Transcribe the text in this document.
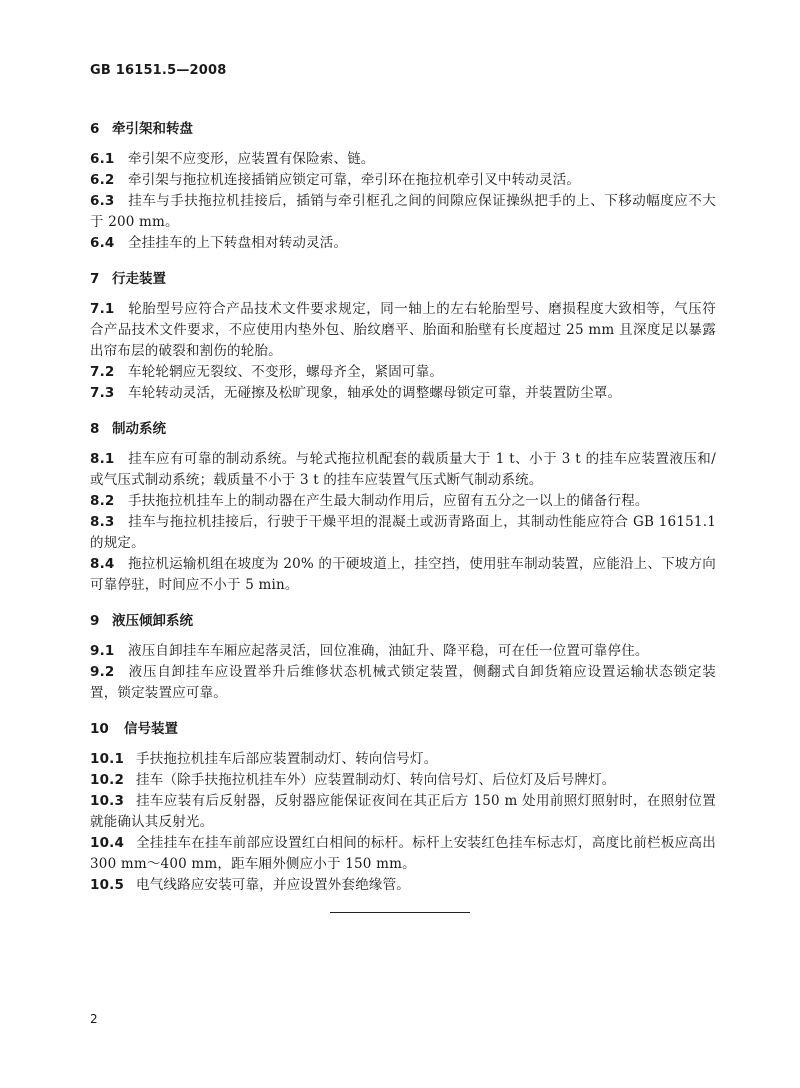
GB 16151.5—2008
6 牵引架和转盘

6.1 牵引架不应变形，应装置有保险索、链。

6.2 牵引架与拖拉机连接插销应锁定可靠，牵引环在拖拉机牵引叉中转动灵活。

6.3 挂车与手扶拖拉机挂接后，插销与牵引框孔之间的间隙应保证操纵把手的上、下移动幅度应不大于 200 mm。

6.4 全挂挂车的上下转盘相对转动灵活。

7 行走装置

7.1 轮胎型号应符合产品技术文件要求规定，同一轴上的左右轮胎型号、磨损程度大致相等，气压符合产品技术文件要求，不应使用内垫外包、胎纹磨平、胎面和胎壁有长度超过 25 mm 且深度足以暴露出帘布层的破裂和割伤的轮胎。

7.2 车轮轮辋应无裂纹、不变形，螺母齐全，紧固可靠。

7.3 车轮转动灵活，无碰擦及松旷现象，轴承处的调整螺母锁定可靠，并装置防尘罩。

8 制动系统

8.1 挂车应有可靠的制动系统。与轮式拖拉机配套的载质量大于 1 t、小于 3 t 的挂车应装置液压和/或气压式制动系统；载质量不小于 3 t 的挂车应装置气压式断气制动系统。

8.2 手扶拖拉机挂车上的制动器在产生最大制动作用后，应留有五分之一以上的储备行程。

8.3 挂车与拖拉机挂接后，行驶于干燥平坦的混凝土或沥青路面上，其制动性能应符合 GB 16151.1 的规定。

8.4 拖拉机运输机组在坡度为 20% 的干硬坡道上，挂空挡，使用驻车制动装置，应能沿上、下坡方向可靠停驻，时间应不小于 5 min。

9 液压倾卸系统

9.1 液压自卸挂车车厢应起落灵活，回位准确，油缸升、降平稳，可在任一位置可靠停住。

9.2 液压自卸挂车应设置举升后维修状态机械式锁定装置，侧翻式自卸货箱应设置运输状态锁定装置，锁定装置应可靠。

10 信号装置

10.1 手扶拖拉机挂车后部应装置制动灯、转向信号灯。

10.2 挂车（除手扶拖拉机挂车外）应装置制动灯、转向信号灯、后位灯及后号牌灯。

10.3 挂车应装有后反射器，反射器应能保证夜间在其正后方 150 m 处用前照灯照射时，在照射位置就能确认其反射光。

10.4 全挂挂车在挂车前部应设置红白相间的标杆。标杆上安装红色挂车标志灯，高度比前栏板应高出 300 mm～400 mm，距车厢外侧应小于 150 mm。

10.5 电气线路应安装可靠，并应设置外套绝缘管。

2
